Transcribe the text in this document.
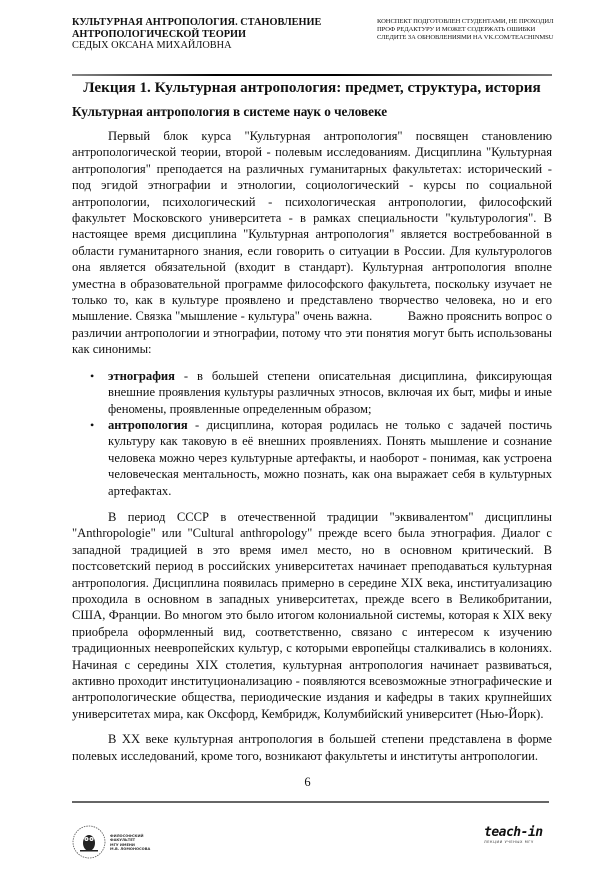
КУЛЬТУРНАЯ АНТРОПОЛОГИЯ. СТАНОВЛЕНИЕ
АНТРОПОЛОГИЧЕСКОЙ ТЕОРИИ
СЕДЫХ ОКСАНА МИХАЙЛОВНА
КОНСПЕКТ ПОДГОТОВЛЕН СТУДЕНТАМИ, НЕ ПРОХОДИЛ
ПРОФ РЕДАКТУРУ И МОЖЕТ СОДЕРЖАТЬ ОШИБКИ
СЛЕДИТЕ ЗА ОБНОВЛЕНИЯМИ НА VK.COM/TEACHINMSU
Лекция 1. Культурная антропология: предмет, структура, история
Культурная антропология в системе наук о человеке

Первый блок курса "Культурная антропология" посвящен становлению антропологической теории, второй - полевым исследованиям. Дисциплина "Культурная антропология" преподается на различных гуманитарных факультетах: исторический - под эгидой этнографии и этнологии, социологический - курсы по социальной антропологии, психологический - психологическая антропологии, философский факультет Московского университета - в рамках специальности "культурология". В настоящее время дисциплина "Культурная антропология" является востребованной в области гуманитарного знания, если говорить о ситуации в России. Для культурологов она является обязательной (входит в стандарт). Культурная антропология вполне уместна в образовательной программе философского факультета, поскольку изучает не только то, как в культуре проявлено и представлено творчество человека, но и его мышление. Связка "мышление - культура" очень важна.           Важно прояснить вопрос о различии антропологии и этнографии, потому что эти понятия могут быть использованы как синонимы:

• этнография - в большей степени описательная дисциплина, фиксирующая внешние проявления культуры различных этносов, включая их быт, мифы и иные феномены, проявленные определенным образом;
• антропология - дисциплина, которая родилась не только с задачей постичь культуру как таковую в её внешних проявлениях. Понять мышление и сознание человека можно через культурные артефакты, и наоборот - понимая, как устроена человеческая ментальность, можно познать, как она выражает себя в культурных артефактах.

В период СССР в отечественной традиции "эквивалентом" дисциплины "Anthropologie" или "Cultural anthropology" прежде всего была этнография. Диалог с западной традицией в это время имел место, но в основном критический. В постсоветский период в российских университетах начинает преподаваться культурная антропология. Дисциплина появилась примерно в середине XIX века, институализацию проходила в основном в западных университетах, прежде всего в Великобритании, США, Франции. Во многом это было итогом колониальной системы, которая к XIX веку приобрела оформленный вид, соответственно, связано с интересом к изучению традиционных неевропейских культур, с которыми европейцы сталкивались в колониях. Начиная с середины XIX столетия, культурная антропология начинает развиваться, активно проходит институционализацию - появляются всевозможные этнографические и антропологические общества, периодические издания и кафедры в таких крупнейших университетах мира, как Оксфорд, Кембридж, Колумбийский университет (Нью-Йорк).

В XX веке культурная антропология в большей степени представлена в форме полевых исследований, кроме того, возникают факультеты и институты антропологии.

6
ФИЛОСОФСКИЙ
ФАКУЛЬТЕТ
МГУ ИМЕНИ
М.В. ЛОМОНОСОВА
teach-in
ЛЕКЦИИ УЧЕНЫХ МГУ
